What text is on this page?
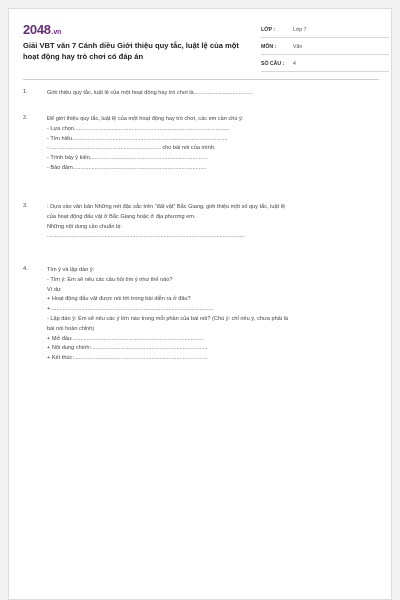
2048.vn
Giải VBT văn 7 Cánh diều Giới thiệu quy tắc, luật lệ của một hoạt động hay trò chơi có đáp án
LỚP :	Lớp 7
MÔN :	Văn
SỐ CÂU : 4
1.	Giới thiệu quy tắc, luật lệ của một hoạt động hay trò chơi là......................................
2.	Để giới thiệu quy tắc, luật lệ của một hoạt động hay trò chơi, các em cần chú ý:
- Lựa chọn....................................................................................................
- Tìm hiểu....................................................................................................
-........................................................................ cho bài nói của mình.
- Trình bày ý kiến............................................................................
- Bảo đảm......................................................................................
3.	: Dựa vào văn bản Những nét đặc sắc trên "đất vật" Bắc Giang, giới thiệu một số quy tắc, luật lệ
của hoạt động đấu vật ở Bắc Giang hoặc ở địa phương em.
Những nội dung cần chuẩn bị:
...............................................................................................................................
4.	Tìm ý và lập dàn ý:
- Tìm ý: Em sẽ nêu các câu hỏi tìm ý như thế nào?
Ví dụ:
+ Hoạt động đấu vật được nói tới trong bài diễn ra ở đâu?
+.........................................................................................................
- Lập dàn ý: Em sẽ nêu các ý lớn nào trong mỗi phần của bài nói? (Chú ý: chỉ nêu ý, chưa phải là
bài nói hoàn chỉnh)
+ Mở đầu:....................................................................................
+ Nội dung chính:...........................................................................
+ Kết thúc:......................................................................................
